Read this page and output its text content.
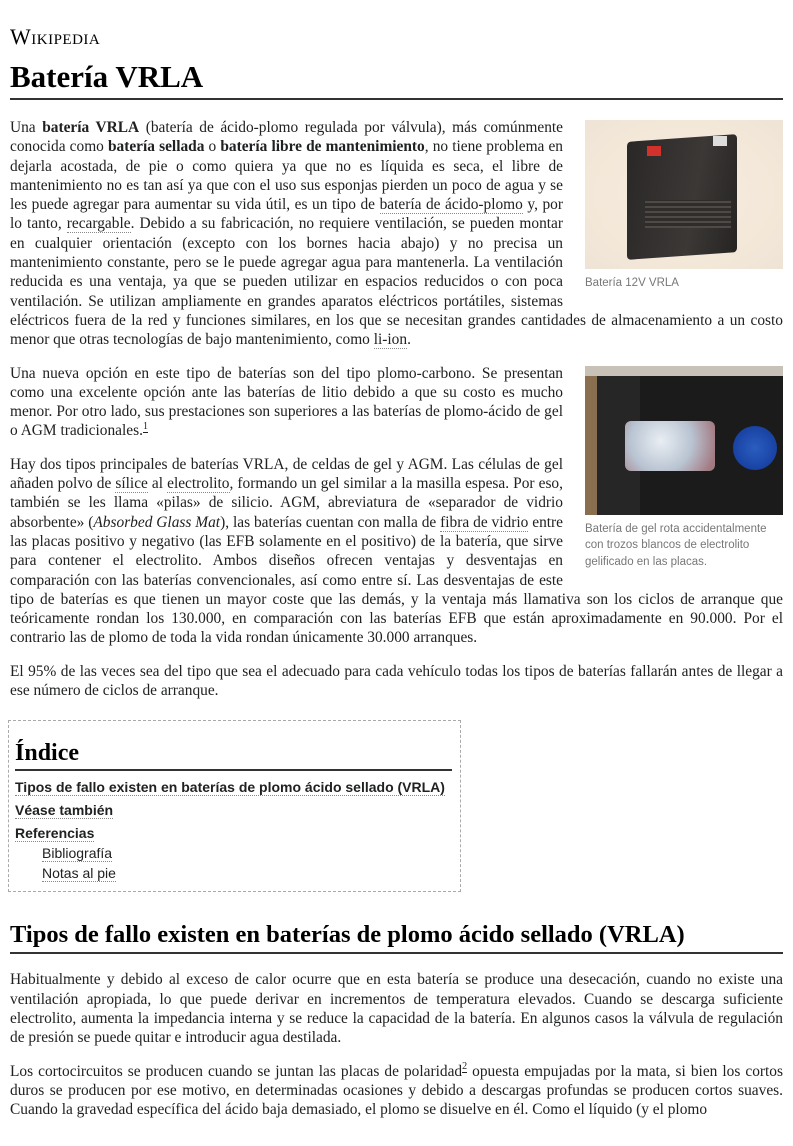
Wikipedia
Batería VRLA
Batería 12V VRLA

Una batería VRLA (batería de ácido-plomo regulada por válvula), más comúnmente conocida como batería sellada o batería libre de mantenimiento, no tiene problema en dejarla acostada, de pie o como quiera ya que no es líquida es seca, el libre de mantenimiento no es tan así ya que con el uso sus esponjas pierden un poco de agua y se les puede agregar para aumentar su vida útil, es un tipo de batería de ácido-plomo y, por lo tanto, recargable. Debido a su fabricación, no requiere ventilación, se pueden montar en cualquier orientación (excepto con los bornes hacia abajo) y no precisa un mantenimiento constante, pero se le puede agregar agua para mantenerla. La ventilación reducida es una ventaja, ya que se pueden utilizar en espacios reducidos o con poca ventilación. Se utilizan ampliamente en grandes aparatos eléctricos portátiles, sistemas eléctricos fuera de la red y funciones similares, en los que se necesitan grandes cantidades de almacenamiento a un costo menor que otras tecnologías de bajo mantenimiento, como li-ion.

Batería de gel rota accidentalmente con trozos blancos de electrolito gelificado en las placas.

Una nueva opción en este tipo de baterías son del tipo plomo-carbono. Se presentan como una excelente opción ante las baterías de litio debido a que su costo es mucho menor. Por otro lado, sus prestaciones son superiores a las baterías de plomo-ácido de gel o AGM tradicionales.$^1$

Hay dos tipos principales de baterías VRLA, de celdas de gel y AGM. Las células de gel añaden polvo de sílice al electrolito, formando un gel similar a la masilla espesa. Por eso, también se les llama «pilas» de silicio. AGM, abreviatura de «separador de vidrio absorbente» (Absorbed Glass Mat), las baterías cuentan con malla de fibra de vidrio entre las placas positivo y negativo (las EFB solamente en el positivo) de la batería, que sirve para contener el electrolito. Ambos diseños ofrecen ventajas y desventajas en comparación con las baterías convencionales, así como entre sí. Las desventajas de este tipo de baterías es que tienen un mayor coste que las demás, y la ventaja más llamativa son los ciclos de arranque que teóricamente rondan los 130.000, en comparación con las baterías EFB que están aproximadamente en 90.000. Por el contrario las de plomo de toda la vida rondan únicamente 30.000 arranques.

El 95% de las veces sea del tipo que sea el adecuado para cada vehículo todas los tipos de baterías fallarán antes de llegar a ese número de ciclos de arranque.

Índice
Tipos de fallo existen en baterías de plomo ácido sellado (VRLA)
Véase también
Referencias
Bibliografía
Notas al pie
Tipos de fallo existen en baterías de plomo ácido sellado (VRLA)

Habitualmente y debido al exceso de calor ocurre que en esta batería se produce una desecación, cuando no existe una ventilación apropiada, lo que puede derivar en incrementos de temperatura elevados. Cuando se descarga suficiente electrolito, aumenta la impedancia interna y se reduce la capacidad de la batería. En algunos casos la válvula de regulación de presión se puede quitar e introducir agua destilada.

Los cortocircuitos se producen cuando se juntan las placas de polaridad$^2$ opuesta empujadas por la mata, si bien los cortos duros se producen por ese motivo, en determinadas ocasiones y debido a descargas profundas se producen cortos suaves. Cuando la gravedad específica del ácido baja demasiado, el plomo se disuelve en él. Como el líquido (y el plomo
